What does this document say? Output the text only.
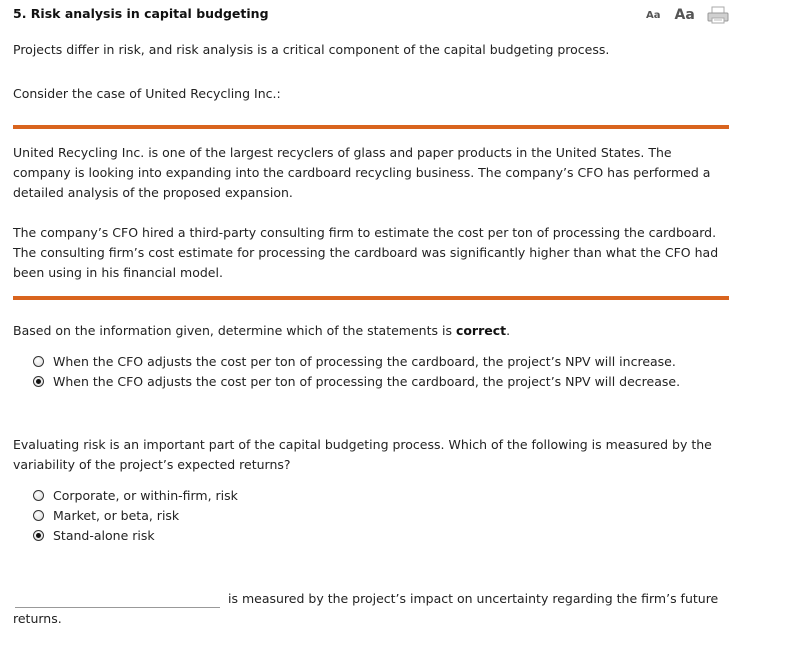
5. Risk analysis in capital budgeting	Aa Aa
Projects differ in risk, and risk analysis is a critical component of the capital budgeting process.
Consider the case of United Recycling Inc.:
United Recycling Inc. is one of the largest recyclers of glass and paper products in the United States. The company is looking into expanding into the cardboard recycling business. The company’s CFO has performed a detailed analysis of the proposed expansion.
The company’s CFO hired a third-party consulting firm to estimate the cost per ton of processing the cardboard. The consulting firm’s cost estimate for processing the cardboard was significantly higher than what the CFO had been using in his financial model.
Based on the information given, determine which of the statements is correct.
When the CFO adjusts the cost per ton of processing the cardboard, the project’s NPV will increase.
When the CFO adjusts the cost per ton of processing the cardboard, the project’s NPV will decrease.
Evaluating risk is an important part of the capital budgeting process. Which of the following is measured by the variability of the project’s expected returns?
Corporate, or within-firm, risk
Market, or beta, risk
Stand-alone risk
is measured by the project’s impact on uncertainty regarding the firm’s future
returns.
